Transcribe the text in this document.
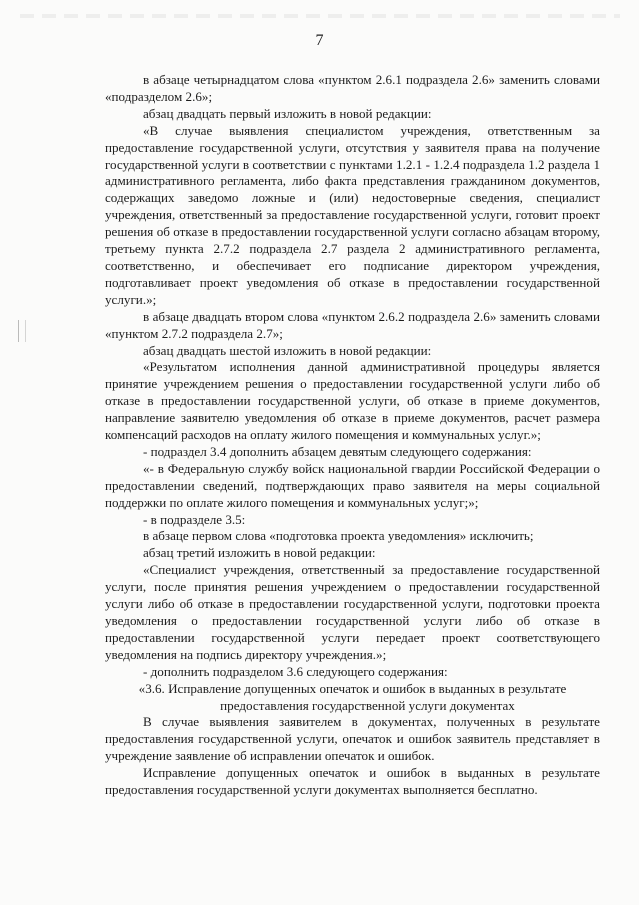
7

в абзаце четырнадцатом слова «пунктом 2.6.1 подраздела 2.6» заменить словами «подразделом 2.6»;

абзац двадцать первый изложить в новой редакции:

«В случае выявления специалистом учреждения, ответственным за предоставление государственной услуги, отсутствия у заявителя права на получение государственной услуги в соответствии с пунктами 1.2.1 - 1.2.4 подраздела 1.2 раздела 1 административного регламента, либо факта представления гражданином документов, содержащих заведомо ложные и (или) недостоверные сведения, специалист учреждения, ответственный за предоставление государственной услуги, готовит проект решения об отказе в предоставлении государственной услуги согласно абзацам второму, третьему пункта 2.7.2 подраздела 2.7 раздела 2 административного регламента, соответственно, и обеспечивает его подписание директором учреждения, подготавливает проект уведомления об отказе в предоставлении государственной услуги.»;

в абзаце двадцать втором слова «пунктом 2.6.2 подраздела 2.6» заменить словами «пунктом 2.7.2 подраздела 2.7»;

абзац двадцать шестой изложить в новой редакции:

«Результатом исполнения данной административной процедуры является принятие учреждением решения о предоставлении государственной услуги либо об отказе в предоставлении государственной услуги, об отказе в приеме документов, направление заявителю уведомления об отказе в приеме документов, расчет размера компенсаций расходов на оплату жилого помещения и коммунальных услуг.»;

- подраздел 3.4 дополнить абзацем девятым следующего содержания:

«- в Федеральную службу войск национальной гвардии Российской Федерации о предоставлении сведений, подтверждающих право заявителя на меры социальной поддержки по оплате жилого помещения и коммунальных услуг;»;

- в подразделе 3.5:

в абзаце первом слова «подготовка проекта уведомления» исключить;

абзац третий изложить в новой редакции:

«Специалист учреждения, ответственный за предоставление государственной услуги, после принятия решения учреждением о предоставлении государственной услуги либо об отказе в предоставлении государственной услуги, подготовки проекта уведомления о предоставлении государственной услуги либо об отказе в предоставлении государственной услуги передает проект соответствующего уведомления на подпись директору учреждения.»;

- дополнить подразделом 3.6 следующего содержания:

«3.6. Исправление допущенных опечаток и ошибок в выданных в результате
предоставления государственной услуги документах

В случае выявления заявителем в документах, полученных в результате предоставления государственной услуги, опечаток и ошибок заявитель представляет в учреждение заявление об исправлении опечаток и ошибок.

Исправление допущенных опечаток и ошибок в выданных в результате предоставления государственной услуги документах выполняется бесплатно.
